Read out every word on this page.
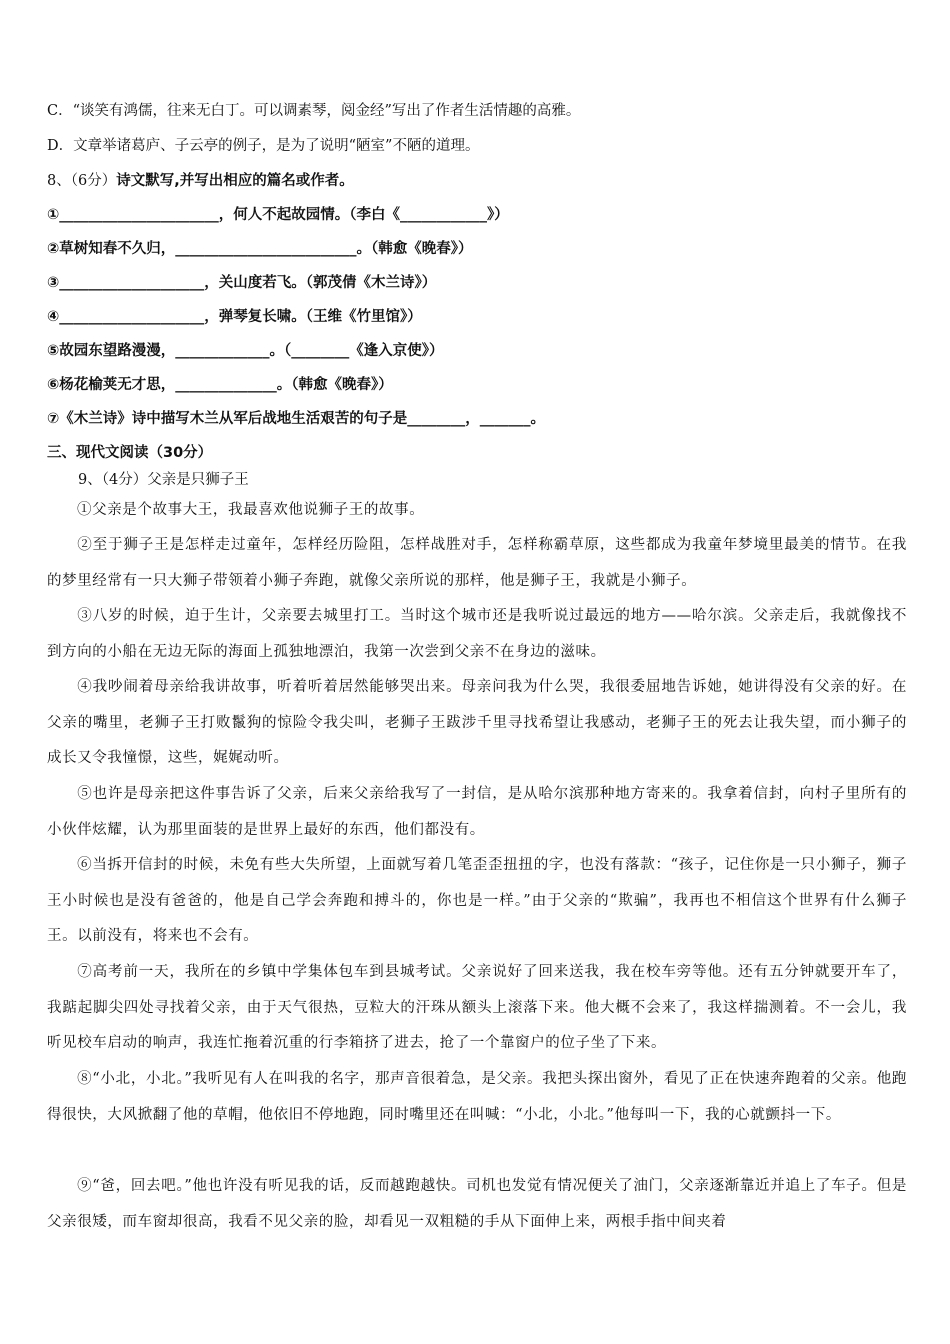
C．“谈笑有鸿儒，往来无白丁。可以调素琴，阅金经”写出了作者生活情趣的高雅。
D．文章举诸葛庐、子云亭的例子，是为了说明“陋室”不陋的道理。
8、（6分）诗文默写,并写出相应的篇名或作者。
①______________________，何人不起故园情。（李白《____________》）
②草树知春不久归，_________________________。（韩愈《晚春》）
③____________________，关山度若飞。（郭茂倩《木兰诗》）
④____________________，弹琴复长啸。（王维《竹里馆》）
⑤故园东望路漫漫，_____________。（________《逢入京使》）
⑥杨花榆荚无才思，______________。（韩愈《晚春》）
⑦《木兰诗》诗中描写木兰从军后战地生活艰苦的句子是________，_______。
三、现代文阅读（30分）
9、（4分）父亲是只狮子王
①父亲是个故事大王，我最喜欢他说狮子王的故事。
②至于狮子王是怎样走过童年，怎样经历险阻，怎样战胜对手，怎样称霸草原，这些都成为我童年梦境里最美的情节。在我的梦里经常有一只大狮子带领着小狮子奔跑，就像父亲所说的那样，他是狮子王，我就是小狮子。
③八岁的时候，迫于生计，父亲要去城里打工。当时这个城市还是我听说过最远的地方——哈尔滨。父亲走后，我就像找不到方向的小船在无边无际的海面上孤独地漂泊，我第一次尝到父亲不在身边的滋味。
④我吵闹着母亲给我讲故事，听着听着居然能够哭出来。母亲问我为什么哭，我很委屈地告诉她，她讲得没有父亲的好。在父亲的嘴里，老狮子王打败鬣狗的惊险令我尖叫，老狮子王跋涉千里寻找希望让我感动，老狮子王的死去让我失望，而小狮子的成长又令我憧憬，这些，娓娓动听。
⑤也许是母亲把这件事告诉了父亲，后来父亲给我写了一封信，是从哈尔滨那种地方寄来的。我拿着信封，向村子里所有的小伙伴炫耀，认为那里面装的是世界上最好的东西，他们都没有。
⑥当拆开信封的时候，未免有些大失所望，上面就写着几笔歪歪扭扭的字，也没有落款：“孩子，记住你是一只小狮子，狮子王小时候也是没有爸爸的，他是自己学会奔跑和搏斗的，你也是一样。”由于父亲的“欺骗”，我再也不相信这个世界有什么狮子王。以前没有，将来也不会有。
⑦高考前一天，我所在的乡镇中学集体包车到县城考试。父亲说好了回来送我，我在校车旁等他。还有五分钟就要开车了，我踮起脚尖四处寻找着父亲，由于天气很热，豆粒大的汗珠从额头上滚落下来。他大概不会来了，我这样揣测着。不一会儿，我听见校车启动的响声，我连忙拖着沉重的行李箱挤了进去，抢了一个靠窗户的位子坐了下来。
⑧“小北，小北。”我听见有人在叫我的名字，那声音很着急，是父亲。我把头探出窗外，看见了正在快速奔跑着的父亲。他跑得很快，大风掀翻了他的草帽，他依旧不停地跑，同时嘴里还在叫喊：“小北，小北。”他每叫一下，我的心就颤抖一下。
⑨“爸，回去吧。”他也许没有听见我的话，反而越跑越快。司机也发觉有情况便关了油门，父亲逐渐靠近并追上了车子。但是父亲很矮，而车窗却很高，我看不见父亲的脸，却看见一双粗糙的手从下面伸上来，两根手指中间夹着
